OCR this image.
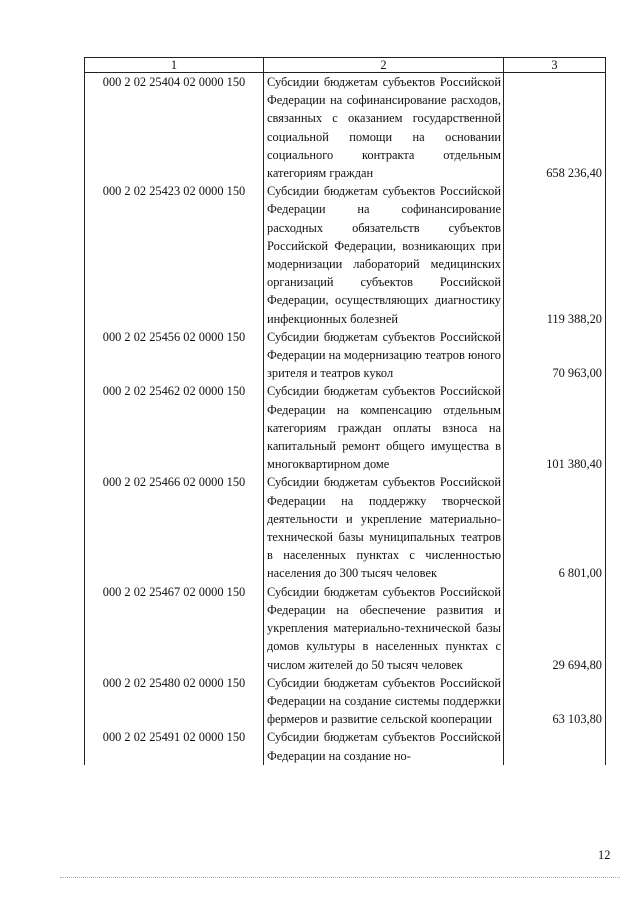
1	2	3
000 2 02 25404 02 0000 150	Субсидии бюджетам субъектов Российской Федерации на софинансирование расходов, связанных с оказанием государственной социальной помощи на основании социального контракта отдельным категориям граждан	658 236,40
000 2 02 25423 02 0000 150	Субсидии бюджетам субъектов Российской Федерации на софинансирование расходных обязательств субъектов Российской Федерации, возникающих при модернизации лабораторий медицинских организаций субъектов Российской Федерации, осуществляющих диагностику инфекционных болезней	119 388,20
000 2 02 25456 02 0000 150	Субсидии бюджетам субъектов Российской Федерации на модернизацию театров юного зрителя и театров кукол	70 963,00
000 2 02 25462 02 0000 150	Субсидии бюджетам субъектов Российской Федерации на компенсацию отдельным категориям граждан оплаты взноса на капитальный ремонт общего имущества в многоквартирном доме	101 380,40
000 2 02 25466 02 0000 150	Субсидии бюджетам субъектов Российской Федерации на поддержку творческой деятельности и укрепление материально-технической базы муниципальных театров в населенных пунктах с численностью населения до 300 тысяч человек	6 801,00
000 2 02 25467 02 0000 150	Субсидии бюджетам субъектов Российской Федерации на обеспечение развития и укрепления материально-технической базы домов культуры в населенных пунктах с числом жителей до 50 тысяч человек	29 694,80
000 2 02 25480 02 0000 150	Субсидии бюджетам субъектов Российской Федерации на создание системы поддержки фермеров и развитие сельской кооперации	63 103,80
000 2 02 25491 02 0000 150	Субсидии бюджетам субъектов Российской Федерации на создание но-	
12
